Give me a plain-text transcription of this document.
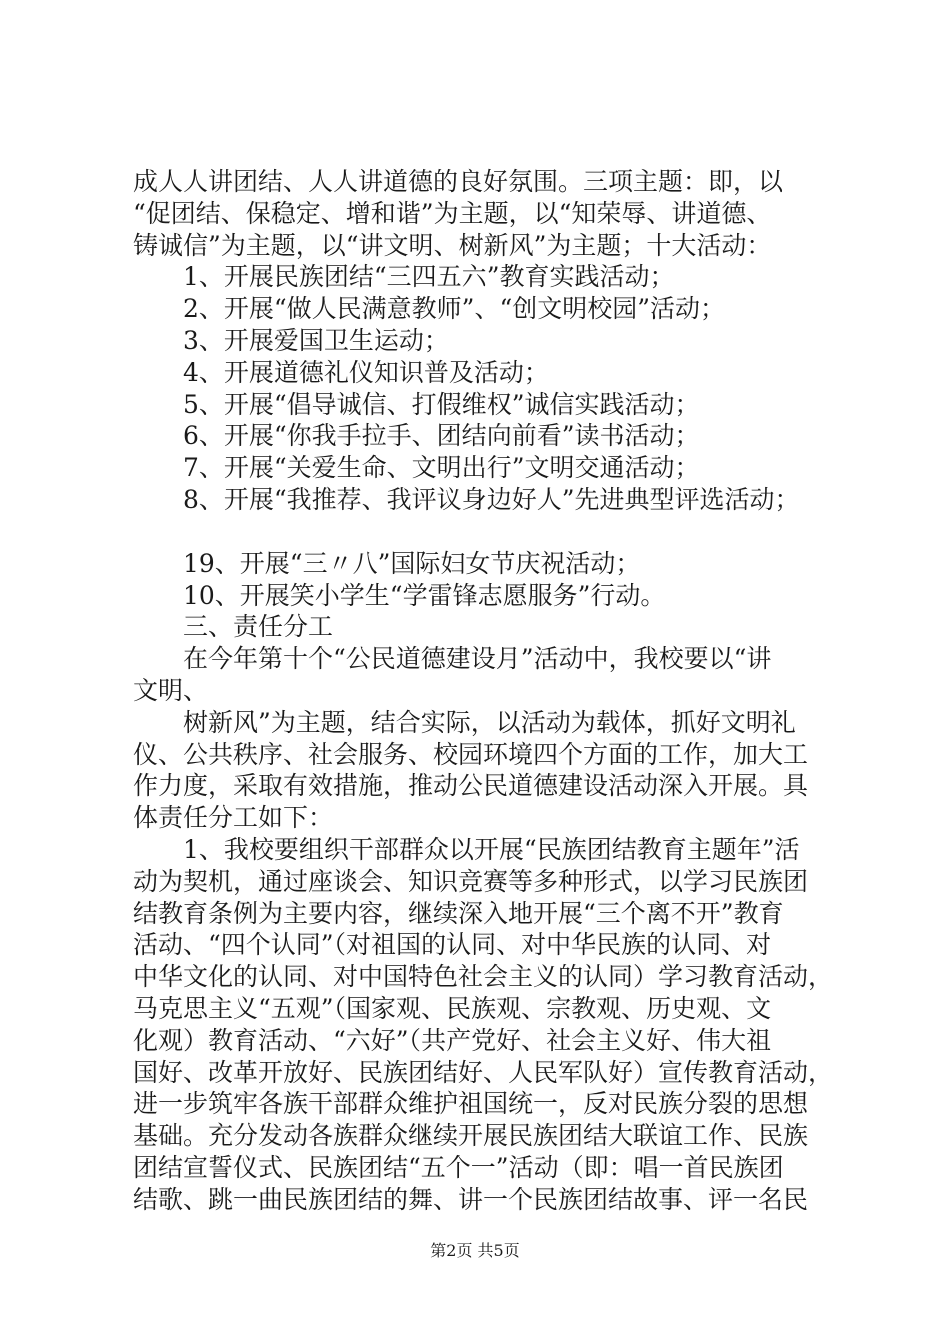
成人人讲团结、人人讲道德的良好氛围。三项主题：即，以
“促团结、保稳定、增和谐”为主题，以“知荣辱、讲道德、
铸诚信”为主题，以“讲文明、树新风”为主题；十大活动：
1、开展民族团结“三四五六”教育实践活动；
2、开展“做人民满意教师”、“创文明校园”活动；
3、开展爱国卫生运动；
4、开展道德礼仪知识普及活动；
5、开展“倡导诚信、打假维权”诚信实践活动；
6、开展“你我手拉手、团结向前看”读书活动；
7、开展“关爱生命、文明出行”文明交通活动；
8、开展“我推荐、我评议身边好人”先进典型评选活动；
19、开展“三〃八”国际妇女节庆祝活动；
10、开展笑小学生“学雷锋志愿服务”行动。
三、责任分工
在今年第十个“公民道德建设月”活动中，我校要以“讲
文明、
树新风”为主题，结合实际，以活动为载体，抓好文明礼
仪、公共秩序、社会服务、校园环境四个方面的工作，加大工
作力度，采取有效措施，推动公民道德建设活动深入开展。具
体责任分工如下：
1、我校要组织干部群众以开展“民族团结教育主题年”活
动为契机，通过座谈会、知识竞赛等多种形式，以学习民族团
结教育条例为主要内容，继续深入地开展“三个离不开”教育
活动、“四个认同”（对祖国的认同、对中华民族的认同、对
中华文化的认同、对中国特色社会主义的认同）学习教育活动，
马克思主义“五观”（国家观、民族观、宗教观、历史观、文
化观）教育活动、“六好”（共产党好、社会主义好、伟大祖
国好、改革开放好、民族团结好、人民军队好）宣传教育活动，
进一步筑牢各族干部群众维护祖国统一，反对民族分裂的思想
基础。充分发动各族群众继续开展民族团结大联谊工作、民族
团结宣誓仪式、民族团结“五个一”活动（即：唱一首民族团
结歌、跳一曲民族团结的舞、讲一个民族团结故事、评一名民
第2页 共5页
